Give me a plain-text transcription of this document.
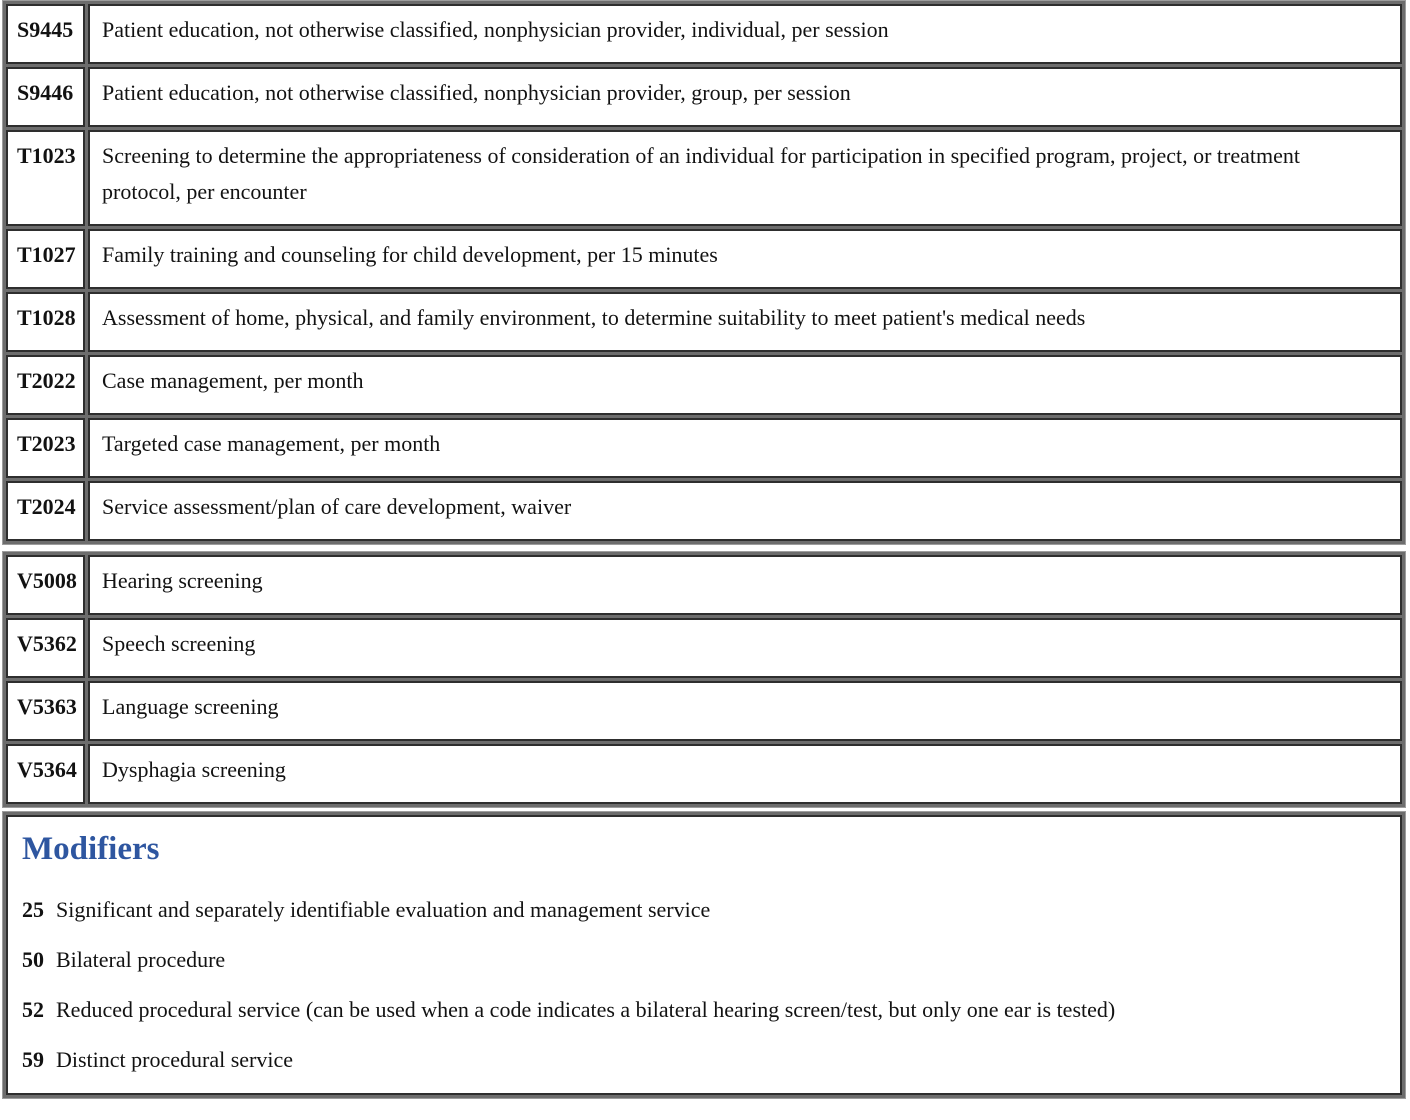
S9445	Patient education, not otherwise classified, nonphysician provider, individual, per session
S9446	Patient education, not otherwise classified, nonphysician provider, group, per session
T1023	Screening to determine the appropriateness of consideration of an individual for participation in specified program, project, or treatment protocol, per encounter
T1027	Family training and counseling for child development, per 15 minutes
T1028	Assessment of home, physical, and family environment, to determine suitability to meet patient's medical needs
T2022	Case management, per month
T2023	Targeted case management, per month
T2024	Service assessment/plan of care development, waiver
V5008	Hearing screening
V5362	Speech screening
V5363	Language screening
V5364	Dysphagia screening
Modifiers

25 Significant and separately identifiable evaluation and management service

50 Bilateral procedure

52 Reduced procedural service (can be used when a code indicates a bilateral hearing screen/test, but only one ear is tested)

59 Distinct procedural service
